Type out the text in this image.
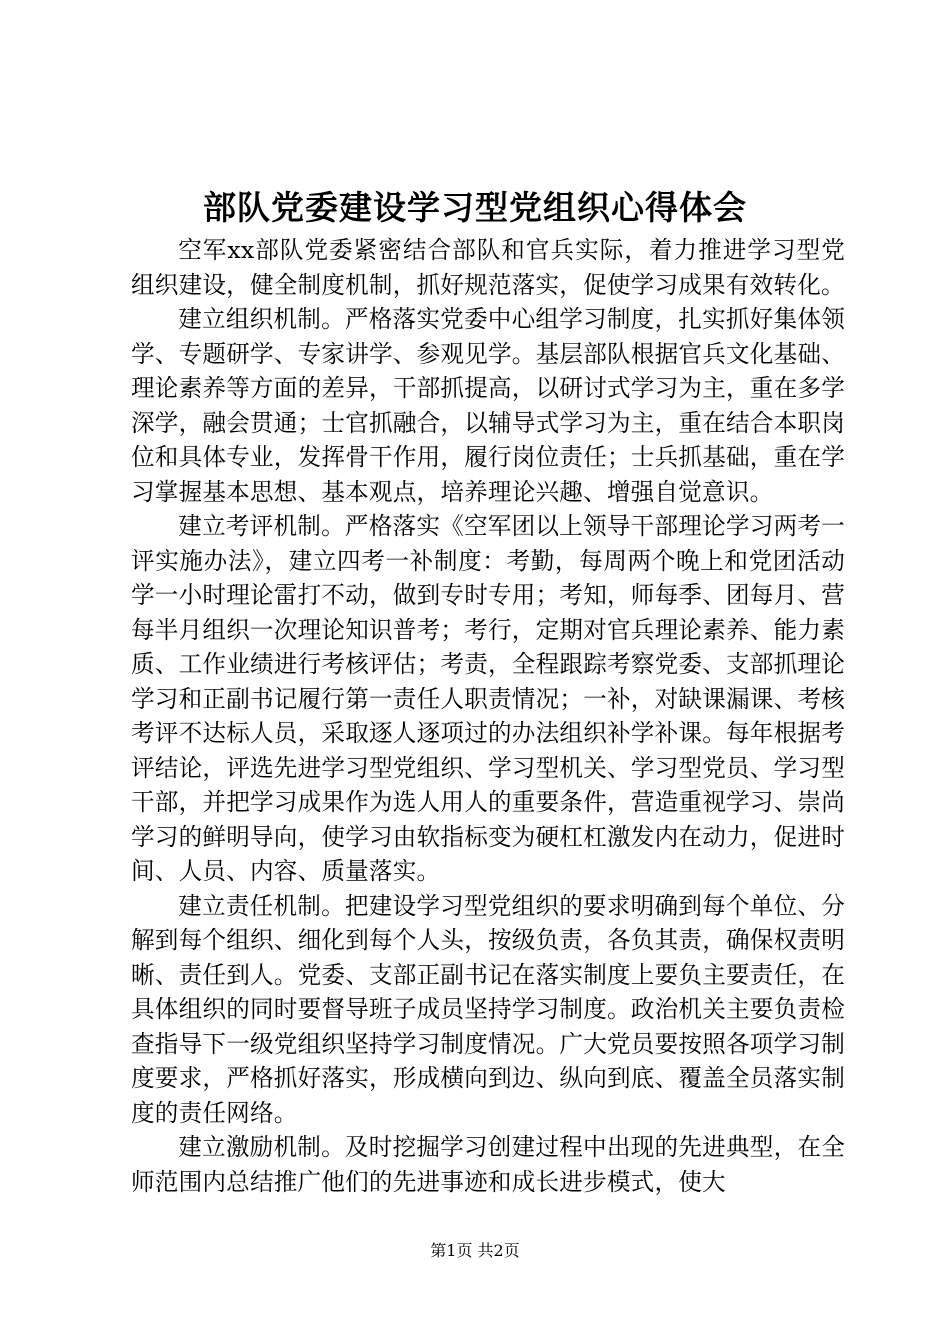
部队党委建设学习型党组织心得体会

空军xx部队党委紧密结合部队和官兵实际，着力推进学习型党组织建设，健全制度机制，抓好规范落实，促使学习成果有效转化。

建立组织机制。严格落实党委中心组学习制度，扎实抓好集体领学、专题研学、专家讲学、参观见学。基层部队根据官兵文化基础、理论素养等方面的差异，干部抓提高，以研讨式学习为主，重在多学深学，融会贯通；士官抓融合，以辅导式学习为主，重在结合本职岗位和具体专业，发挥骨干作用，履行岗位责任；士兵抓基础，重在学习掌握基本思想、基本观点，培养理论兴趣、增强自觉意识。

建立考评机制。严格落实《空军团以上领导干部理论学习两考一评实施办法》，建立四考一补制度：考勤，每周两个晚上和党团活动学一小时理论雷打不动，做到专时专用；考知，师每季、团每月、营每半月组织一次理论知识普考；考行，定期对官兵理论素养、能力素质、工作业绩进行考核评估；考责，全程跟踪考察党委、支部抓理论学习和正副书记履行第一责任人职责情况；一补，对缺课漏课、考核考评不达标人员，采取逐人逐项过的办法组织补学补课。每年根据考评结论，评选先进学习型党组织、学习型机关、学习型党员、学习型干部，并把学习成果作为选人用人的重要条件，营造重视学习、崇尚学习的鲜明导向，使学习由软指标变为硬杠杠激发内在动力，促进时间、人员、内容、质量落实。

建立责任机制。把建设学习型党组织的要求明确到每个单位、分解到每个组织、细化到每个人头，按级负责，各负其责，确保权责明晰、责任到人。党委、支部正副书记在落实制度上要负主要责任，在具体组织的同时要督导班子成员坚持学习制度。政治机关主要负责检查指导下一级党组织坚持学习制度情况。广大党员要按照各项学习制度要求，严格抓好落实，形成横向到边、纵向到底、覆盖全员落实制度的责任网络。

建立激励机制。及时挖掘学习创建过程中出现的先进典型，在全师范围内总结推广他们的先进事迹和成长进步模式，使大

第1页 共2页
